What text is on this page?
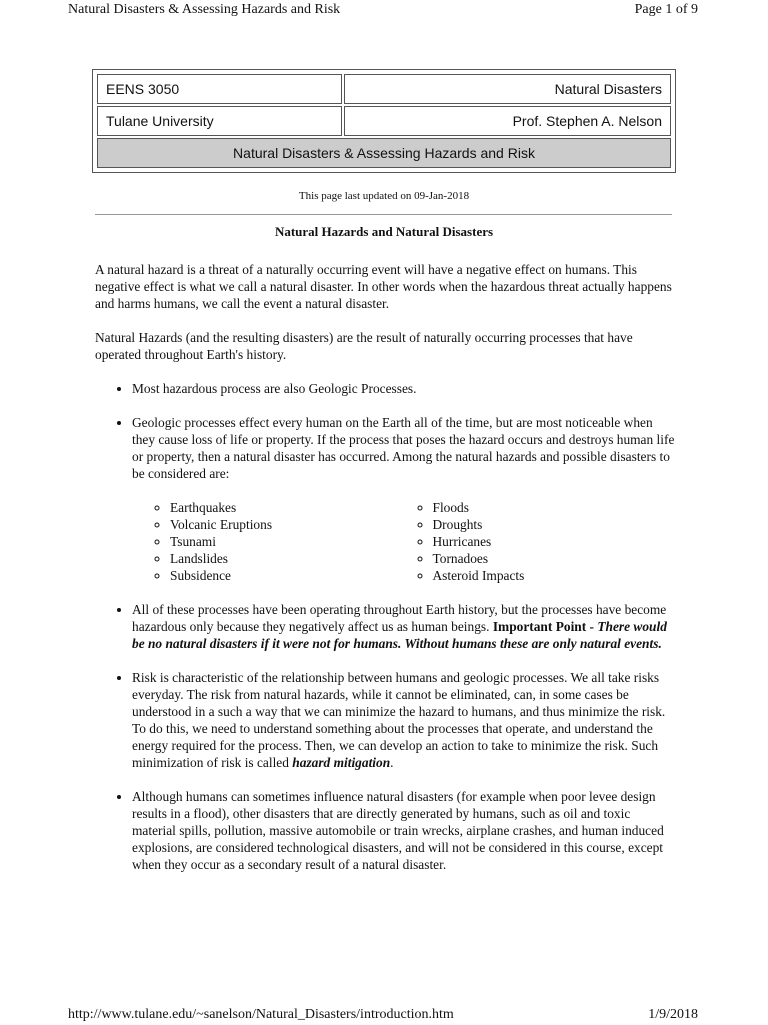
Natural Disasters & Assessing Hazards and Risk	Page 1 of 9
EENS 3050	Natural Disasters
Tulane University	Prof. Stephen A. Nelson
Natural Disasters & Assessing Hazards and Risk	
This page last updated on 09-Jan-2018
Natural Hazards and Natural Disasters

A natural hazard is a threat of a naturally occurring event will have a negative effect on humans. This negative effect is what we call a natural disaster. In other words when the hazardous threat actually happens and harms humans, we call the event a natural disaster.

Natural Hazards (and the resulting disasters) are the result of naturally occurring processes that have operated throughout Earth's history.

• Most hazardous process are also Geologic Processes.
• Geologic processes effect every human on the Earth all of the time, but are most noticeable when they cause loss of life or property. If the process that poses the hazard occurs and destroys human life or property, then a natural disaster has occurred. Among the natural hazards and possible disasters to be considered are:
◦ Earthquakes
◦ Volcanic Eruptions
◦ Tsunami
◦ Landslides
◦ Subsidence
◦ Floods
◦ Droughts
◦ Hurricanes
◦ Tornadoes
◦ Asteroid Impacts
• All of these processes have been operating throughout Earth history, but the processes have become hazardous only because they negatively affect us as human beings. Important Point - There would be no natural disasters if it were not for humans. Without humans these are only natural events.
• Risk is characteristic of the relationship between humans and geologic processes. We all take risks everyday. The risk from natural hazards, while it cannot be eliminated, can, in some cases be understood in a such a way that we can minimize the hazard to humans, and thus minimize the risk. To do this, we need to understand something about the processes that operate, and understand the energy required for the process. Then, we can develop an action to take to minimize the risk. Such minimization of risk is called hazard mitigation.
• Although humans can sometimes influence natural disasters (for example when poor levee design results in a flood), other disasters that are directly generated by humans, such as oil and toxic material spills, pollution, massive automobile or train wrecks, airplane crashes, and human induced explosions, are considered technological disasters, and will not be considered in this course, except when they occur as a secondary result of a natural disaster.
http://www.tulane.edu/~sanelson/Natural_Disasters/introduction.htm	1/9/2018
